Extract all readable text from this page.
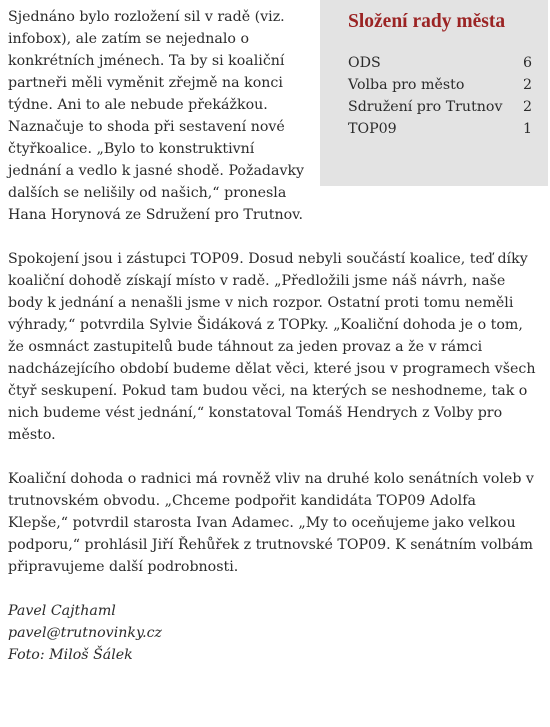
Složení rady města
ODS	6
Volba pro město	2
Sdružení pro Trutnov 2
TOP09	1

Sjednáno bylo rozložení sil v radě (viz. infobox), ale zatím se nejednalo o konkrétních jménech. Ta by si koaliční partneři měli vyměnit zřejmě na konci týdne. Ani to ale nebude překážkou. Naznačuje to shoda při sestavení nové čtyřkoalice. „Bylo to konstruktivní jednání a vedlo k jasné shodě. Požadavky dalších se nelišily od našich,“ pronesla Hana Horynová ze Sdružení pro Trutnov.

Spokojení jsou i zástupci TOP09. Dosud nebyli součástí koalice, teď díky koaliční dohodě získají místo v radě. „Předložili jsme náš návrh, naše body k jednání a nenašli jsme v nich rozpor. Ostatní proti tomu neměli výhrady,“ potvrdila Sylvie Šidáková z TOPky. „Koaliční dohoda je o tom, že osmnáct zastupitelů bude táhnout za jeden provaz a že v rámci nadcházejícího období budeme dělat věci, které jsou v programech všech čtyř seskupení. Pokud tam budou věci, na kterých se neshodneme, tak o nich budeme vést jednání,“ konstatoval Tomáš Hendrych z Volby pro město.

Koaliční dohoda o radnici má rovněž vliv na druhé kolo senátních voleb v trutnovském obvodu. „Chceme podpořit kandidáta TOP09 Adolfa Klepše,“ potvrdil starosta Ivan Adamec. „My to oceňujeme jako velkou podporu,“ prohlásil Jiří Řehůřek z trutnovské TOP09. K senátním volbám připravujeme další podrobnosti.

Pavel Cajthaml
pavel@trutnovinky.cz
Foto: Miloš Šálek
